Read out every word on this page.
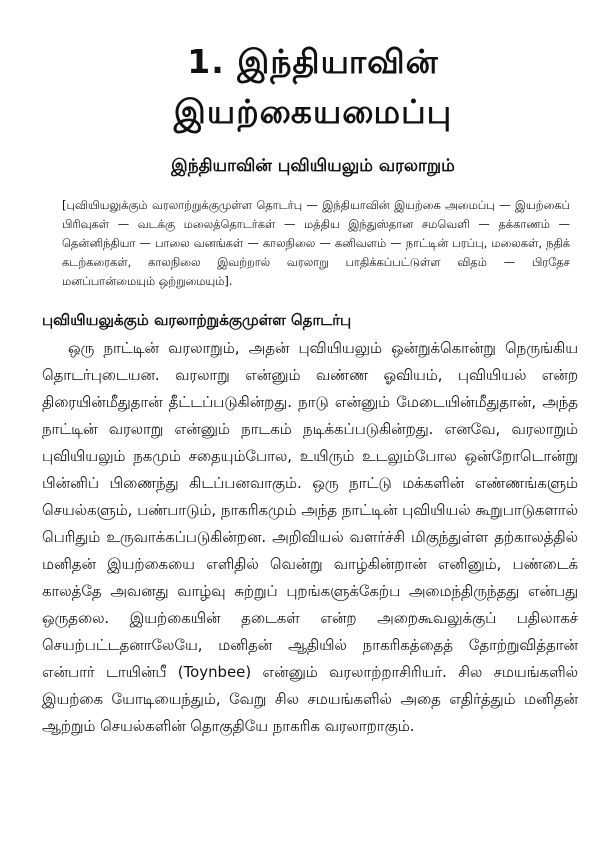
1. இந்தியாவின்
இயற்கையமைப்பு
இந்தியாவின் புவியியலும் வரலாறும்
[புவியியலுக்கும் வரலாற்றுக்குமுள்ள தொடர்பு — இந்தியாவின் இயற்கை அமைப்பு — இயற்கைப் பிரிவுகள் — வடக்கு மலைத்தொடர்கள் — மத்திய இந்துஸ்தான சமவெளி — தக்காணம் — தென்னிந்தியா — பாலை வனங்கள் — காலநிலை — கனிவளம் — நாட்டின் பரப்பு, மலைகள், நதிக் கடற்கரைகள், காலநிலை இவற்றால் வரலாறு பாதிக்கப்பட்டுள்ள விதம் — பிரதேச மனப்பான்மையும் ஒற்றுமையும்].
புவியியலுக்கும் வரலாற்றுக்குமுள்ள தொடர்பு

ஒரு நாட்டின் வரலாறும், அதன் புவியியலும் ஒன்றுக்கொன்று நெருங்கிய தொடர்புடையன. வரலாறு என்னும் வண்ண ஓவியம், புவியியல் என்ற திரையின்மீதுதான் தீட்டப்படுகின்றது. நாடு என்னும் மேடையின்மீதுதான், அந்த நாட்டின் வரலாறு என்னும் நாடகம் நடிக்கப்படுகின்றது. எனவே, வரலாறும் புவியியலும் நகமும் சதையும்போல, உயிரும் உடலும்போல ஒன்றோடொன்று பின்னிப் பிணைந்து கிடப்பனவாகும். ஒரு நாட்டு மக்களின் எண்ணங்களும் செயல்களும், பண்பாடும், நாகரிகமும் அந்த நாட்டின் புவியியல் கூறுபாடுகளால் பெரிதும் உருவாக்கப்படுகின்றன. அறிவியல் வளர்ச்சி மிகுந்துள்ள தற்காலத்தில் மனிதன் இயற்கையை எளிதில் வென்று வாழ்கின்றான் எனினும், பண்டைக் காலத்தே அவனது வாழ்வு சுற்றுப் புறங்களுக்கேற்ப அமைந்திருந்தது என்பது ஒருதலை. இயற்கையின் தடைகள் என்ற அறைகூவலுக்குப் பதிலாகச் செயற்பட்டதனாலேயே, மனிதன் ஆதியில் நாகரிகத்தைத் தோற்றுவித்தான் என்பார் டாயின்பீ (Toynbee) என்னும் வரலாற்றாசிரியர். சில சமயங்களில் இயற்கை யோடியைந்தும், வேறு சில சமயங்களில் அதை எதிர்த்தும் மனிதன் ஆற்றும் செயல்களின் தொகுதியே நாகரிக வரலாறாகும்.
